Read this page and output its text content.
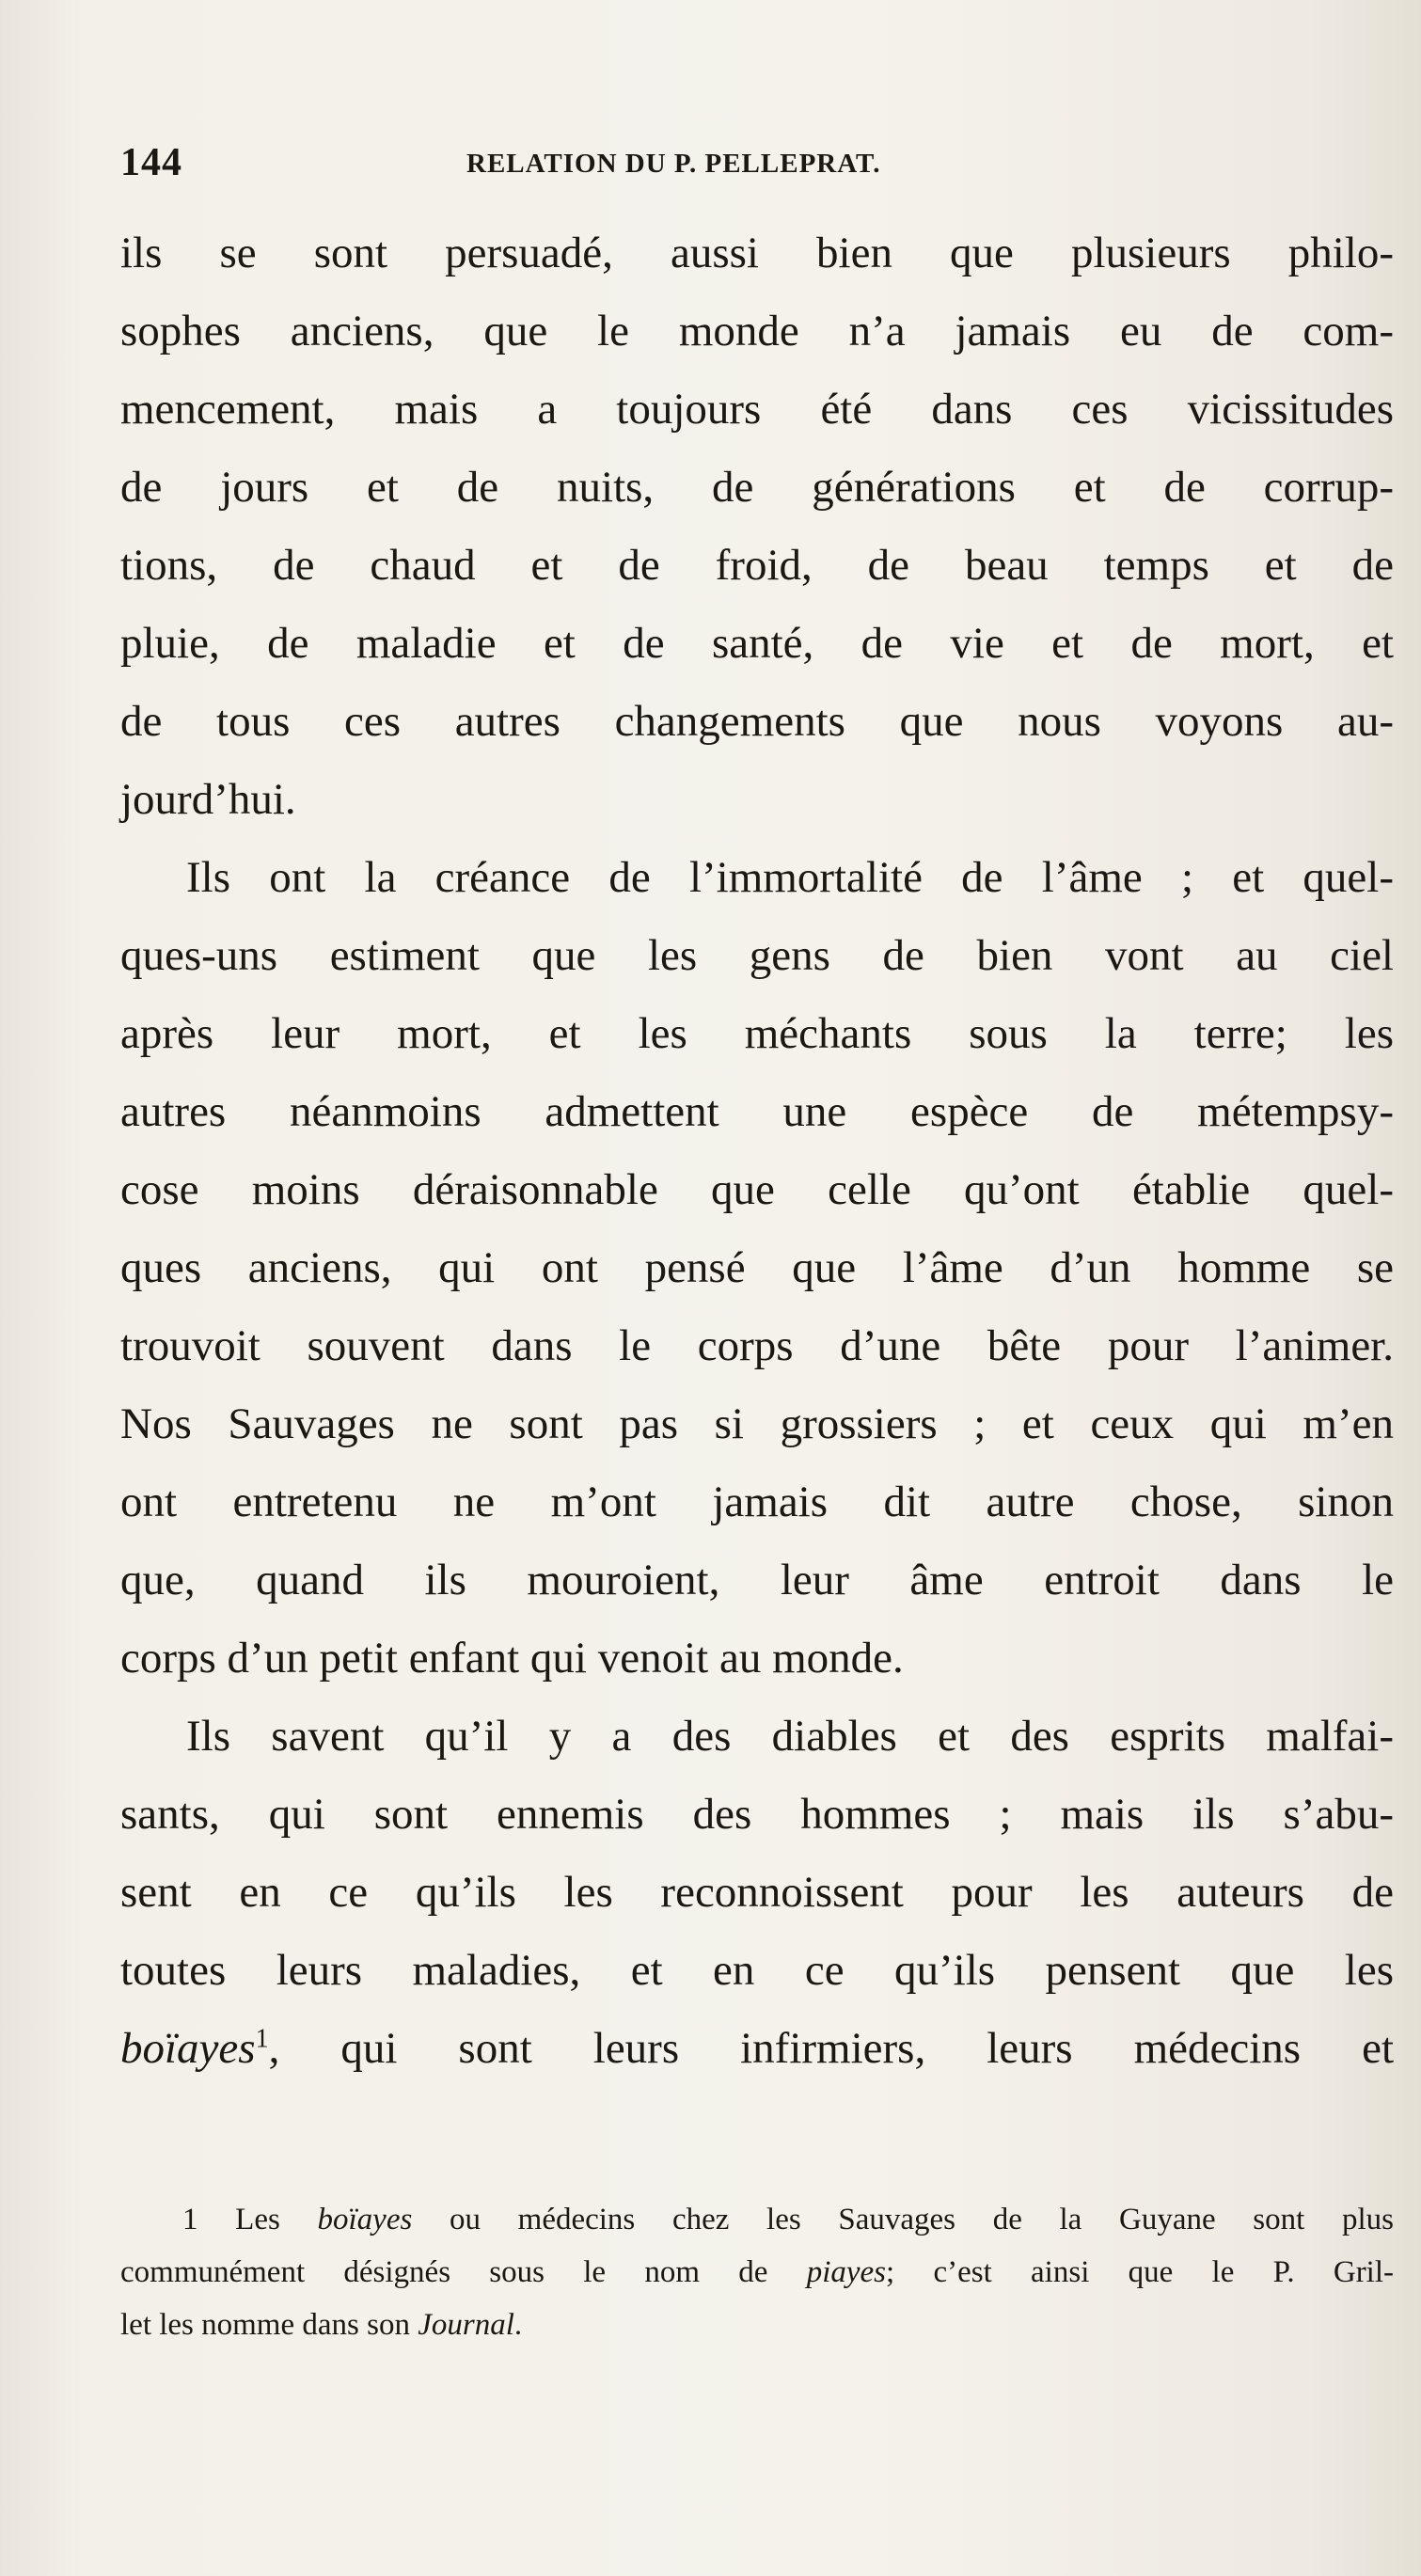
144	RELATION DU P. PELLEPRAT.
ils se sont persuadé, aussi bien que plusieurs philo-
sophes anciens, que le monde n’a jamais eu de com-
mencement, mais a toujours été dans ces vicissitudes
de jours et de nuits, de générations et de corrup-
tions, de chaud et de froid, de beau temps et de
pluie, de maladie et de santé, de vie et de mort, et
de tous ces autres changements que nous voyons au-
jourd’hui.
Ils ont la créance de l’immortalité de l’âme ; et quel-
ques-uns estiment que les gens de bien vont au ciel
après leur mort, et les méchants sous la terre; les
autres néanmoins admettent une espèce de métempsy-
cose moins déraisonnable que celle qu’ont établie quel-
ques anciens, qui ont pensé que l’âme d’un homme se
trouvoit souvent dans le corps d’une bête pour l’animer.
Nos Sauvages ne sont pas si grossiers ; et ceux qui m’en
ont entretenu ne m’ont jamais dit autre chose, sinon
que, quand ils mouroient, leur âme entroit dans le
corps d’un petit enfant qui venoit au monde.
Ils savent qu’il y a des diables et des esprits malfai-
sants, qui sont ennemis des hommes ; mais ils s’abu-
sent en ce qu’ils les reconnoissent pour les auteurs de
toutes leurs maladies, et en ce qu’ils pensent que les
boïayes$^1$, qui sont leurs infirmiers, leurs médecins et
1 Les boïayes ou médecins chez les Sauvages de la Guyane sont plus
communément désignés sous le nom de piayes; c’est ainsi que le P. Gril-
let les nomme dans son Journal.
